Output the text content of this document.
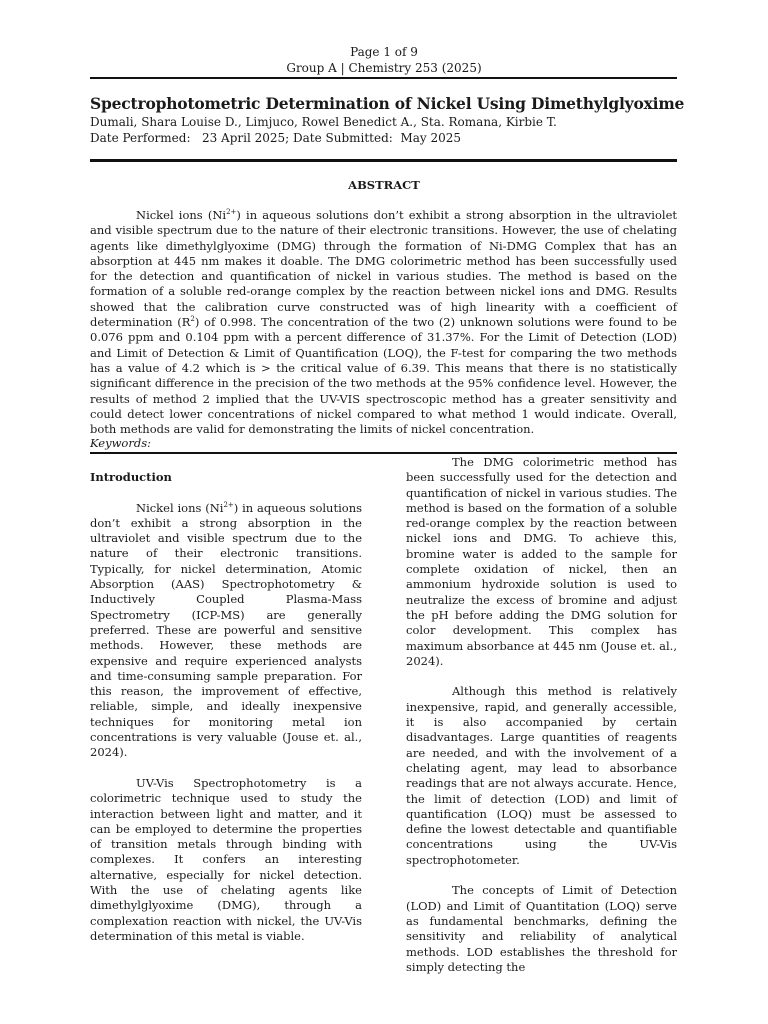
Page 1 of 9
Group A | Chemistry 253 (2025)
Spectrophotometric Determination of Nickel Using Dimethylglyoxime
Dumali, Shara Louise D., Limjuco, Rowel Benedict A., Sta. Romana, Kirbie T.
Date Performed:   23 April 2025; Date Submitted:  May 2025
ABSTRACT

Nickel ions $(Ni^{2+})$ in aqueous solutions don’t exhibit a strong absorption in the ultraviolet and visible spectrum due to the nature of their electronic transitions. However, the use of chelating agents like dimethylglyoxime (DMG) through the formation of Ni-DMG Complex that has an absorption at 445 nm makes it doable. The DMG colorimetric method has been successfully used for the detection and quantification of nickel in various studies. The method is based on the formation of a soluble red-orange complex by the reaction between nickel ions and DMG. Results showed that the calibration curve constructed was of high linearity with a coefficient of determination $(R^2)$ of 0.998. The concentration of the two (2) unknown solutions were found to be 0.076 ppm and 0.104 ppm with a percent difference of 31.37%. For the Limit of Detection (LOD) and Limit of Detection & Limit of Quantification (LOQ), the F-test for comparing the two methods has a value of 4.2 which is > the critical value of 6.39. This means that there is no statistically significant difference in the precision of the two methods at the 95% confidence level. However, the results of method 2 implied that the UV-VIS spectroscopic method has a greater sensitivity and could detect lower concentrations of nickel compared to what method 1 would indicate. Overall, both methods are valid for demonstrating the limits of nickel concentration.

Keywords:
Introduction

Nickel ions $(Ni^{2+})$ in aqueous solutions don’t exhibit a strong absorption in the ultraviolet and visible spectrum due to the nature of their electronic transitions. Typically, for nickel determination, Atomic Absorption (AAS) Spectrophotometry & Inductively Coupled Plasma-Mass Spectrometry (ICP-MS) are generally preferred. These are powerful and sensitive methods. However, these methods are expensive and require experienced analysts and time-consuming sample preparation. For this reason, the improvement of effective, reliable, simple, and ideally inexpensive techniques for monitoring metal ion concentrations is very valuable (Jouse et. al., 2024).

UV-Vis Spectrophotometry is a colorimetric technique used to study the interaction between light and matter, and it can be employed to determine the properties of transition metals through binding with complexes. It confers an interesting alternative, especially for nickel detection. With the use of chelating agents like dimethylglyoxime (DMG), through a complexation reaction with nickel, the UV-Vis determination of this metal is viable.

The DMG colorimetric method has been successfully used for the detection and quantification of nickel in various studies. The method is based on the formation of a soluble red-orange complex by the reaction between nickel ions and DMG. To achieve this, bromine water is added to the sample for complete oxidation of nickel, then an ammonium hydroxide solution is used to neutralize the excess of bromine and adjust the pH before adding the DMG solution for color development. This complex has maximum absorbance at 445 nm (Jouse et. al., 2024).

Although this method is relatively inexpensive, rapid, and generally accessible, it is also accompanied by certain disadvantages. Large quantities of reagents are needed, and with the involvement of a chelating agent, may lead to absorbance readings that are not always accurate. Hence, the limit of detection (LOD) and limit of quantification (LOQ) must be assessed to define the lowest detectable and quantifiable concentrations using the UV-Vis spectrophotometer.

The concepts of Limit of Detection (LOD) and Limit of Quantitation (LOQ) serve as fundamental benchmarks, defining the sensitivity and reliability of analytical methods. LOD establishes the threshold for simply detecting the
